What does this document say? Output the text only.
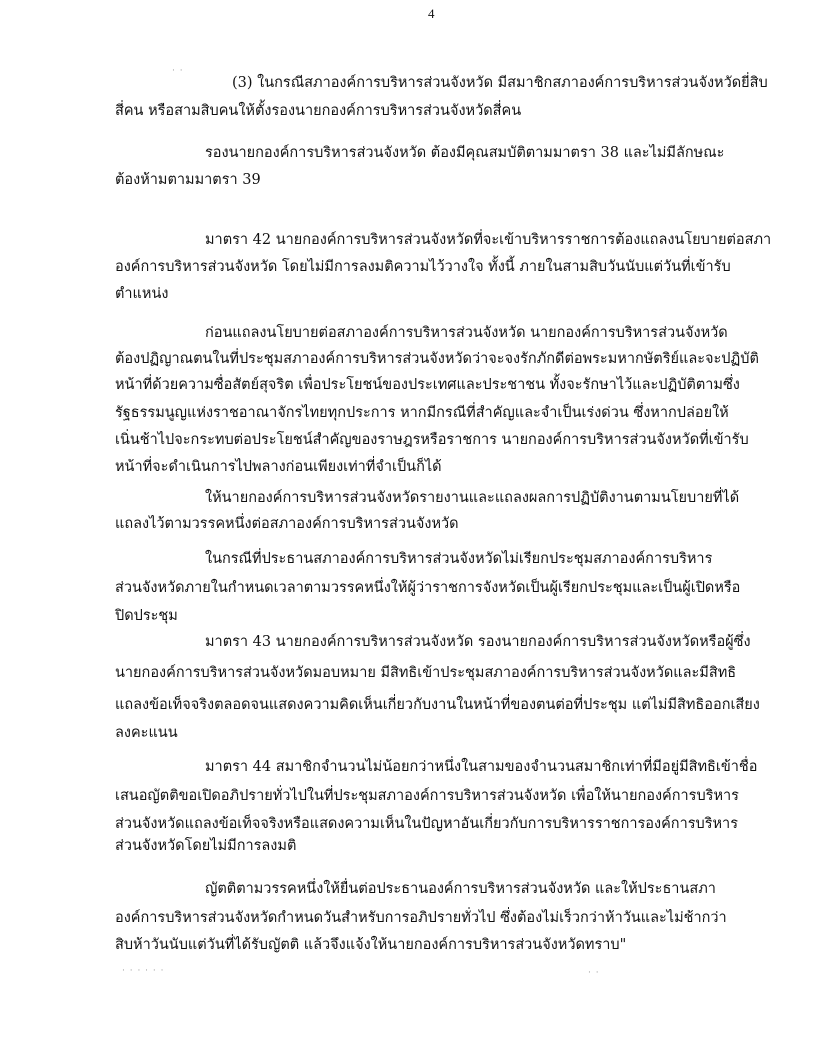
4
· ·
· · · · · ·	· ·
(3) ในกรณีสภาองค์การบริหารส่วนจังหวัด มีสมาชิกสภาองค์การบริหารส่วนจังหวัดยี่สิบ
สี่คน หรือสามสิบคนให้ตั้งรองนายกองค์การบริหารส่วนจังหวัดสี่คน
รองนายกองค์การบริหารส่วนจังหวัด ต้องมีคุณสมบัติตามมาตรา 38 และไม่มีลักษณะ
ต้องห้ามตามมาตรา 39
มาตรา 42 นายกองค์การบริหารส่วนจังหวัดที่จะเข้าบริหารราชการต้องแถลงนโยบายต่อสภา
องค์การบริหารส่วนจังหวัด โดยไม่มีการลงมติความไว้วางใจ ทั้งนี้ ภายในสามสิบวันนับแต่วันที่เข้ารับ
ตำแหน่ง
ก่อนแถลงนโยบายต่อสภาองค์การบริหารส่วนจังหวัด นายกองค์การบริหารส่วนจังหวัด
ต้องปฏิญาณตนในที่ประชุมสภาองค์การบริหารส่วนจังหวัดว่าจะจงรักภักดีต่อพระมหากษัตริย์และจะปฏิบัติ
หน้าที่ด้วยความซื่อสัตย์สุจริต เพื่อประโยชน์ของประเทศและประชาชน ทั้งจะรักษาไว้และปฏิบัติตามซึ่ง
รัฐธรรมนูญแห่งราชอาณาจักรไทยทุกประการ หากมีกรณีที่สำคัญและจำเป็นเร่งด่วน ซึ่งหากปล่อยให้
เนิ่นช้าไปจะกระทบต่อประโยชน์สำคัญของราษฎรหรือราชการ นายกองค์การบริหารส่วนจังหวัดที่เข้ารับ
หน้าที่จะดำเนินการไปพลางก่อนเพียงเท่าที่จำเป็นก็ได้
ให้นายกองค์การบริหารส่วนจังหวัดรายงานและแถลงผลการปฏิบัติงานตามนโยบายที่ได้
แถลงไว้ตามวรรคหนึ่งต่อสภาองค์การบริหารส่วนจังหวัด
ในกรณีที่ประธานสภาองค์การบริหารส่วนจังหวัดไม่เรียกประชุมสภาองค์การบริหาร
ส่วนจังหวัดภายในกำหนดเวลาตามวรรคหนึ่งให้ผู้ว่าราชการจังหวัดเป็นผู้เรียกประชุมและเป็นผู้เปิดหรือ
ปิดประชุม
มาตรา 43 นายกองค์การบริหารส่วนจังหวัด รองนายกองค์การบริหารส่วนจังหวัดหรือผู้ซึ่ง
นายกองค์การบริหารส่วนจังหวัดมอบหมาย มีสิทธิเข้าประชุมสภาองค์การบริหารส่วนจังหวัดและมีสิทธิ
แถลงข้อเท็จจริงตลอดจนแสดงความคิดเห็นเกี่ยวกับงานในหน้าที่ของตนต่อที่ประชุม แต่ไม่มีสิทธิออกเสียง
ลงคะแนน
มาตรา 44 สมาชิกจำนวนไม่น้อยกว่าหนึ่งในสามของจำนวนสมาชิกเท่าที่มีอยู่มีสิทธิเข้าชื่อ
เสนอญัตติขอเปิดอภิปรายทั่วไปในที่ประชุมสภาองค์การบริหารส่วนจังหวัด เพื่อให้นายกองค์การบริหาร
ส่วนจังหวัดแถลงข้อเท็จจริงหรือแสดงความเห็นในปัญหาอันเกี่ยวกับการบริหารราชการองค์การบริหาร
ส่วนจังหวัดโดยไม่มีการลงมติ
ญัตติตามวรรคหนึ่งให้ยื่นต่อประธานองค์การบริหารส่วนจังหวัด และให้ประธานสภา
องค์การบริหารส่วนจังหวัดกำหนดวันสำหรับการอภิปรายทั่วไป ซึ่งต้องไม่เร็วกว่าห้าวันและไม่ช้ากว่า
สิบห้าวันนับแต่วันที่ได้รับญัตติ แล้วจึงแจ้งให้นายกองค์การบริหารส่วนจังหวัดทราบ"
